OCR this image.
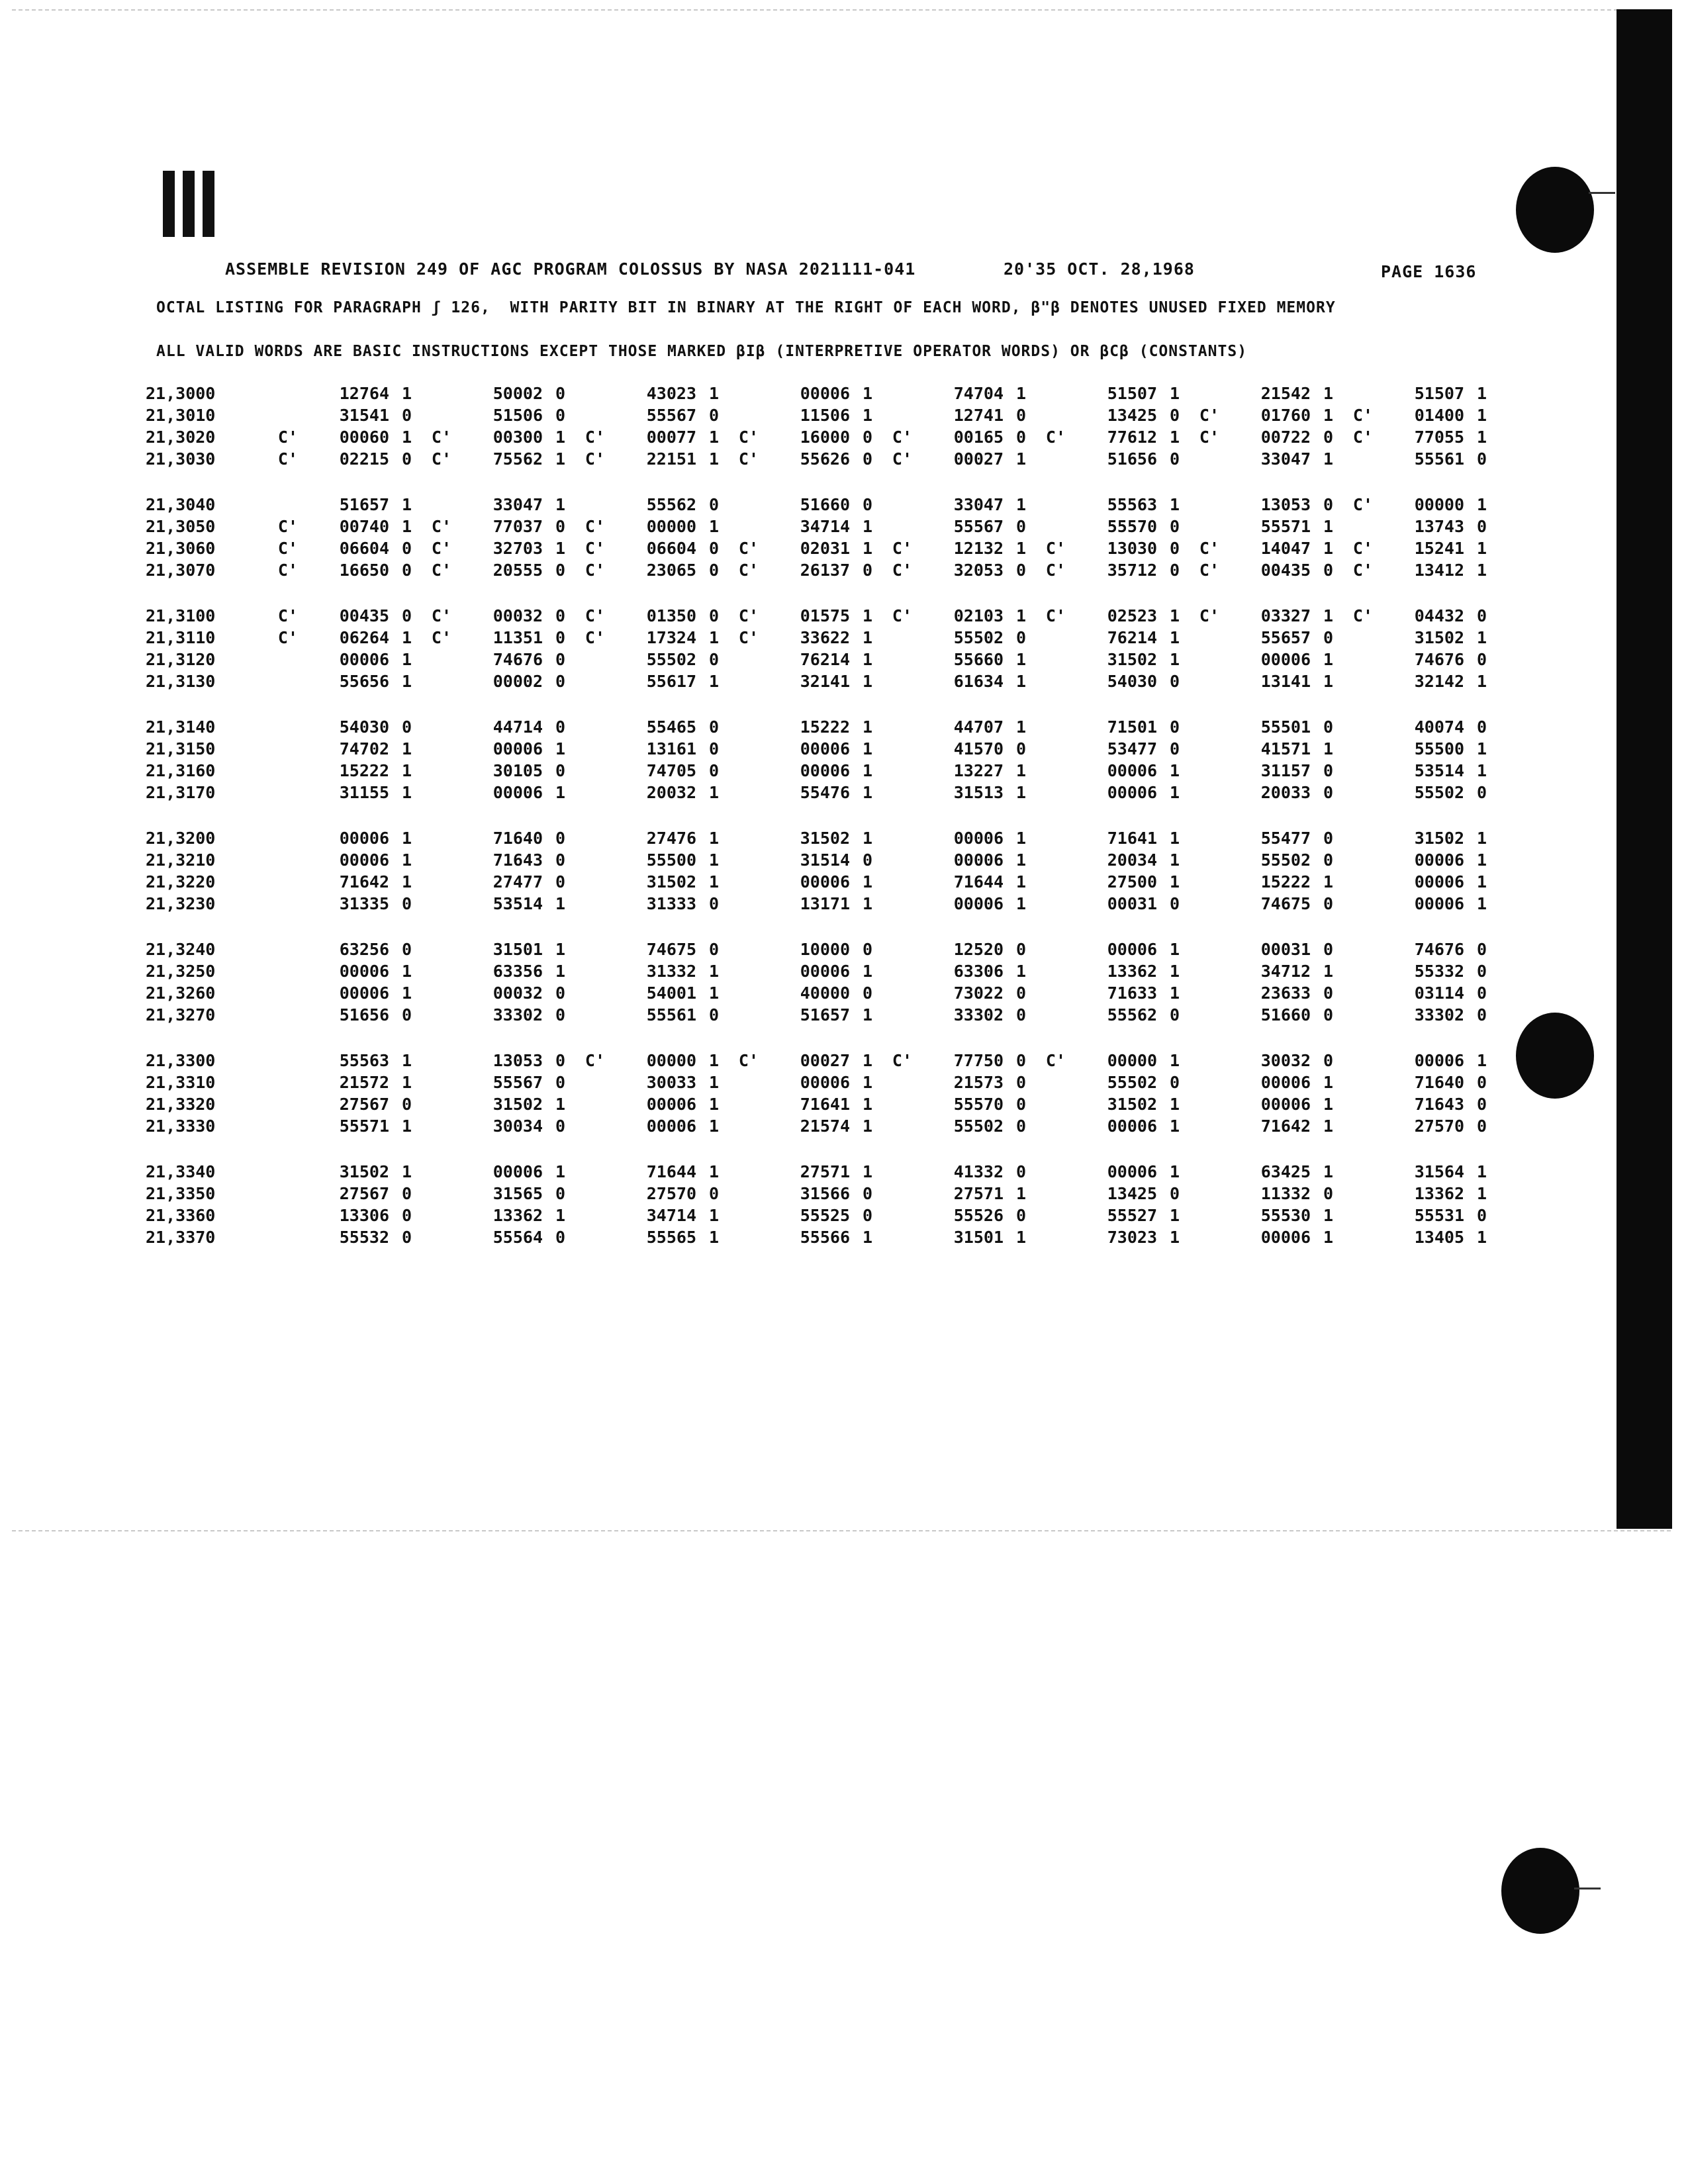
ASSEMBLE REVISION 249 OF AGC PROGRAM COLOSSUS BY NASA 2021111-041	20'35 OCT. 28,1968	PAGE 1636
OCTAL LISTING FOR PARAGRAPH ʃ 126,  WITH PARITY BIT IN BINARY AT THE RIGHT OF EACH WORD, β"β DENOTES UNUSED FIXED MEMORY
ALL VALID WORDS ARE BASIC INSTRUCTIONS EXCEPT THOSE MARKED βIβ (INTERPRETIVE OPERATOR WORDS) OR βCβ (CONSTANTS)
21,3000	12764 1	50002 0	43023 1	00006 1	74704 1	51507 1	21542 1	51507 1
21,3010	31541 0	51506 0	55567 0	11506 1	12741 0	13425 0 C'	01760 1 C'	01400 1
21,3020	C'	00060 1 C'	00300 1 C'	00077 1 C'	16000 0 C'	00165 0 C'	77612 1 C'	00722 0 C'	77055 1
21,3030	C'	02215 0 C'	75562 1 C'	22151 1 C'	55626 0 C'	00027 1	51656 0	33047 1	55561 0
21,3040	51657 1	33047 1	55562 0	51660 0	33047 1	55563 1	13053 0 C'	00000 1
21,3050	C'	00740 1 C'	77037 0 C'	00000 1	34714 1	55567 0	55570 0	55571 1	13743 0
21,3060	C'	06604 0 C'	32703 1 C'	06604 0 C'	02031 1 C'	12132 1 C'	13030 0 C'	14047 1 C'	15241 1
21,3070	C'	16650 0 C'	20555 0 C'	23065 0 C'	26137 0 C'	32053 0 C'	35712 0 C'	00435 0 C'	13412 1
21,3100	C'	00435 0 C'	00032 0 C'	01350 0 C'	01575 1 C'	02103 1 C'	02523 1 C'	03327 1 C'	04432 0
21,3110	C'	06264 1 C'	11351 0 C'	17324 1 C'	33622 1	55502 0	76214 1	55657 0	31502 1
21,3120	00006 1	74676 0	55502 0	76214 1	55660 1	31502 1	00006 1	74676 0
21,3130	55656 1	00002 0	55617 1	32141 1	61634 1	54030 0	13141 1	32142 1
21,3140	54030 0	44714 0	55465 0	15222 1	44707 1	71501 0	55501 0	40074 0
21,3150	74702 1	00006 1	13161 0	00006 1	41570 0	53477 0	41571 1	55500 1
21,3160	15222 1	30105 0	74705 0	00006 1	13227 1	00006 1	31157 0	53514 1
21,3170	31155 1	00006 1	20032 1	55476 1	31513 1	00006 1	20033 0	55502 0
21,3200	00006 1	71640 0	27476 1	31502 1	00006 1	71641 1	55477 0	31502 1
21,3210	00006 1	71643 0	55500 1	31514 0	00006 1	20034 1	55502 0	00006 1
21,3220	71642 1	27477 0	31502 1	00006 1	71644 1	27500 1	15222 1	00006 1
21,3230	31335 0	53514 1	31333 0	13171 1	00006 1	00031 0	74675 0	00006 1
21,3240	63256 0	31501 1	74675 0	10000 0	12520 0	00006 1	00031 0	74676 0
21,3250	00006 1	63356 1	31332 1	00006 1	63306 1	13362 1	34712 1	55332 0
21,3260	00006 1	00032 0	54001 1	40000 0	73022 0	71633 1	23633 0	03114 0
21,3270	51656 0	33302 0	55561 0	51657 1	33302 0	55562 0	51660 0	33302 0
21,3300	55563 1	13053 0 C'	00000 1 C'	00027 1 C'	77750 0 C'	00000 1	30032 0	00006 1
21,3310	21572 1	55567 0	30033 1	00006 1	21573 0	55502 0	00006 1	71640 0
21,3320	27567 0	31502 1	00006 1	71641 1	55570 0	31502 1	00006 1	71643 0
21,3330	55571 1	30034 0	00006 1	21574 1	55502 0	00006 1	71642 1	27570 0
21,3340	31502 1	00006 1	71644 1	27571 1	41332 0	00006 1	63425 1	31564 1
21,3350	27567 0	31565 0	27570 0	31566 0	27571 1	13425 0	11332 0	13362 1
21,3360	13306 0	13362 1	34714 1	55525 0	55526 0	55527 1	55530 1	55531 0
21,3370	55532 0	55564 0	55565 1	55566 1	31501 1	73023 1	00006 1	13405 1
